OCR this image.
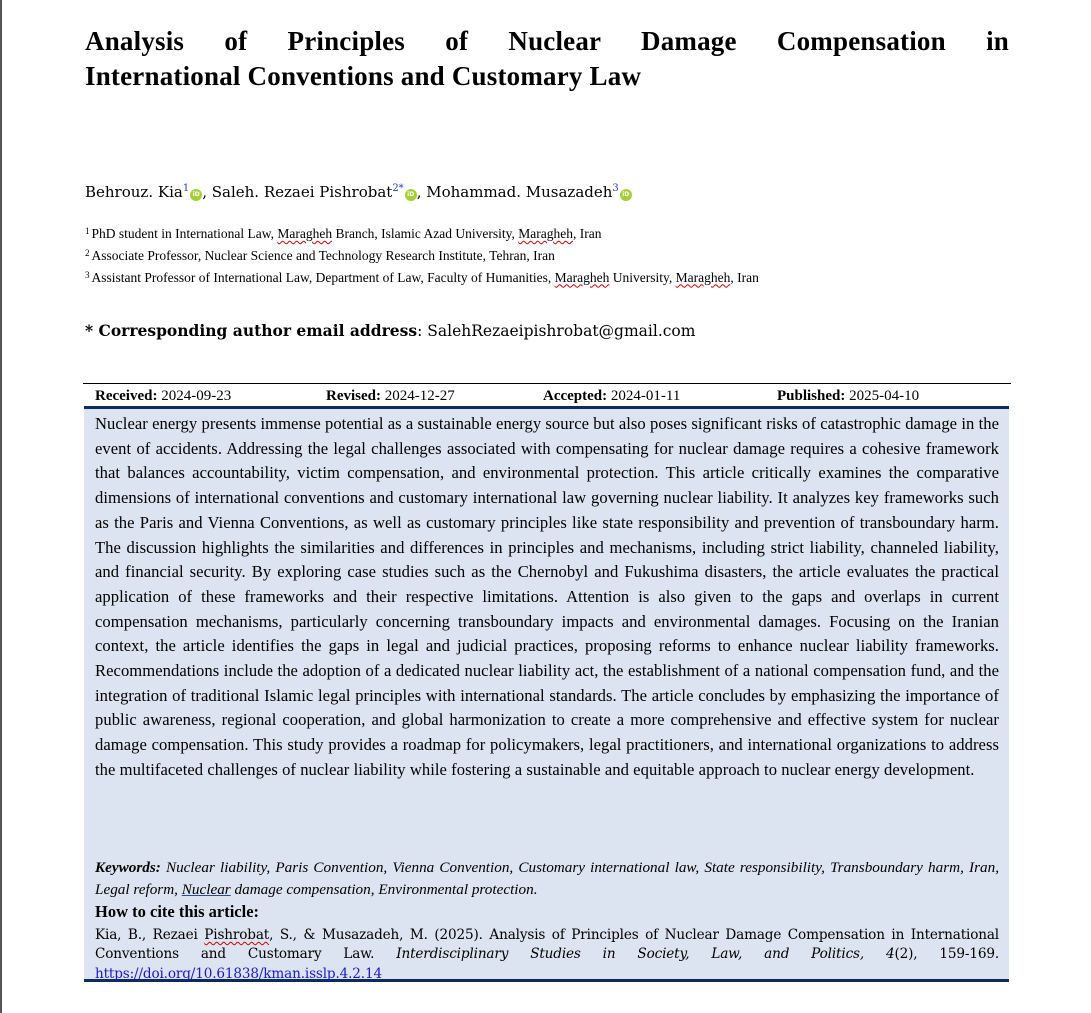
Analysis of Principles of Nuclear Damage Compensation in
International Conventions and Customary Law
Behrouz. Kia$^1$iD , Saleh. Rezaei Pishrobat$^{2*}$iD , Mohammad. Musazadeh$^3$iD
$^1$ PhD student in International Law, Maragheh Branch, Islamic Azad University, Maragheh, Iran
$^2$ Associate Professor, Nuclear Science and Technology Research Institute, Tehran, Iran
$^3$ Assistant Professor of International Law, Department of Law, Faculty of Humanities, Maragheh University, Maragheh, Iran
* Corresponding author email address: SalehRezaeipishrobat@gmail.com
Received: 2024-09-23	Revised: 2024-12-27	Accepted: 2024-01-11	Published: 2025-04-10

Nuclear energy presents immense potential as a sustainable energy source but also poses significant risks of catastrophic damage in the event of accidents. Addressing the legal challenges associated with compensating for nuclear damage requires a cohesive framework that balances accountability, victim compensation, and environmental protection. This article critically examines the comparative dimensions of international conventions and customary international law governing nuclear liability. It analyzes key frameworks such as the Paris and Vienna Conventions, as well as customary principles like state responsibility and prevention of transboundary harm. The discussion highlights the similarities and differences in principles and mechanisms, including strict liability, channeled liability, and financial security. By exploring case studies such as the Chernobyl and Fukushima disasters, the article evaluates the practical application of these frameworks and their respective limitations. Attention is also given to the gaps and overlaps in current compensation mechanisms, particularly concerning transboundary impacts and environmental damages. Focusing on the Iranian context, the article identifies the gaps in legal and judicial practices, proposing reforms to enhance nuclear liability frameworks. Recommendations include the adoption of a dedicated nuclear liability act, the establishment of a national compensation fund, and the integration of traditional Islamic legal principles with international standards. The article concludes by emphasizing the importance of public awareness, regional cooperation, and global harmonization to create a more comprehensive and effective system for nuclear damage compensation. This study provides a roadmap for policymakers, legal practitioners, and international organizations to address the multifaceted challenges of nuclear liability while fostering a sustainable and equitable approach to nuclear energy development.

Keywords: Nuclear liability, Paris Convention, Vienna Convention, Customary international law, State responsibility, Transboundary harm, Iran, Legal reform, Nuclear damage compensation, Environmental protection.

How to cite this article:

Kia, B., Rezaei Pishrobat, S., & Musazadeh, M. (2025). Analysis of Principles of Nuclear Damage Compensation in International Conventions and Customary Law. Interdisciplinary Studies in Society, Law, and Politics, 4(2), 159-169. https://doi.org/10.61838/kman.isslp.4.2.14
